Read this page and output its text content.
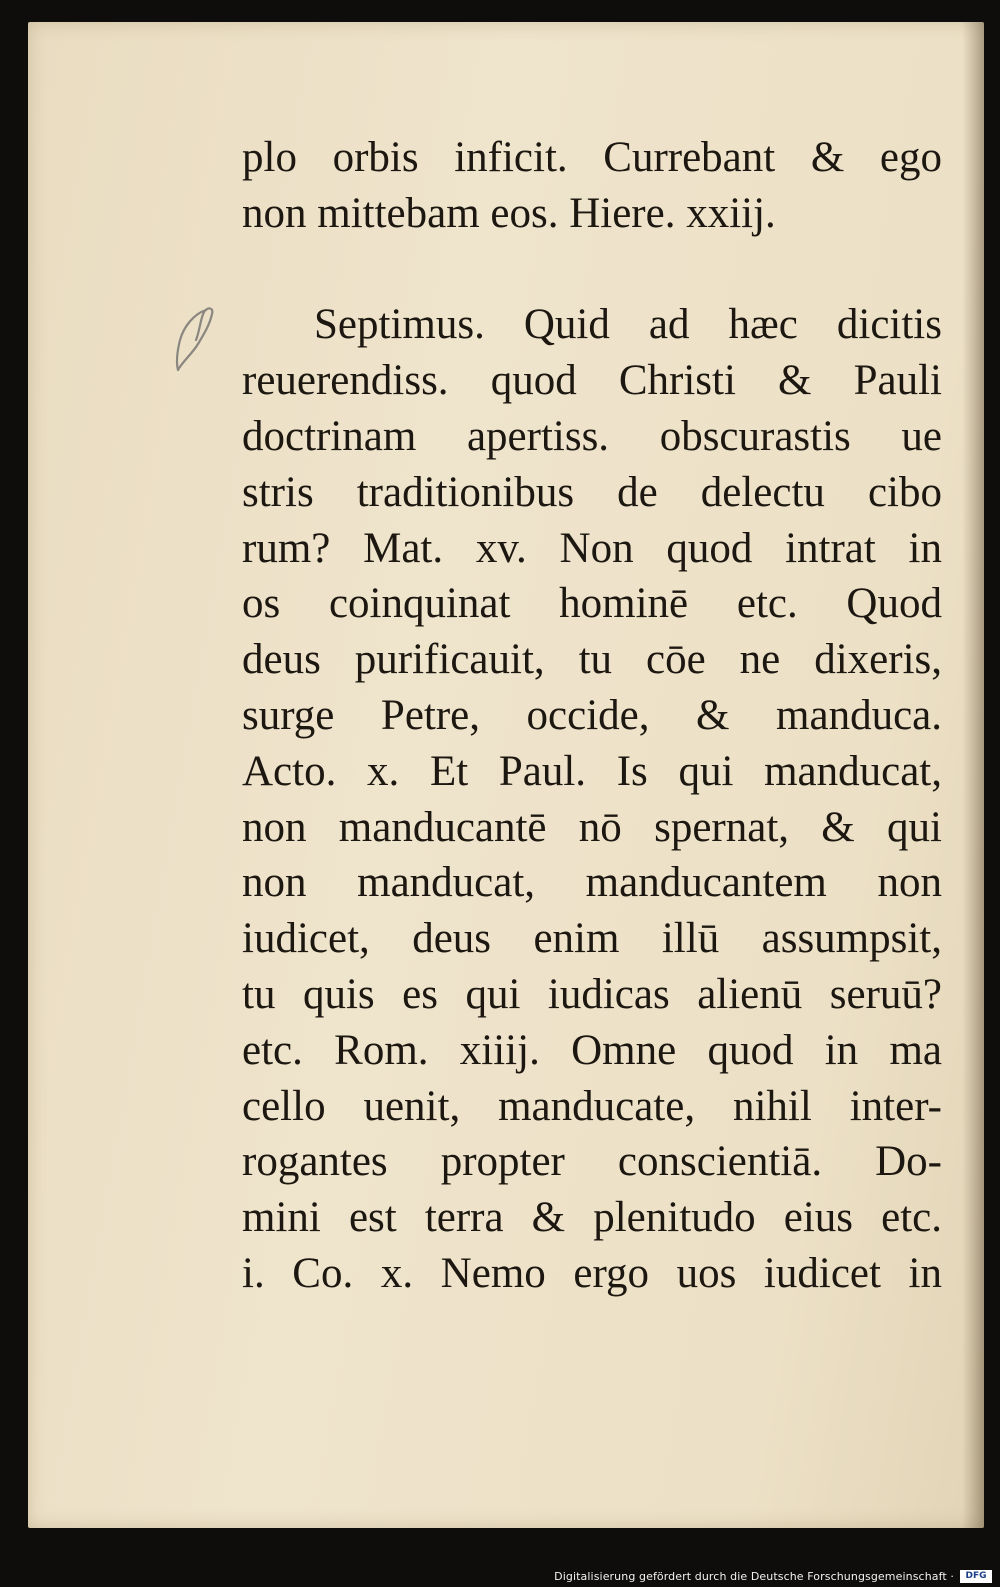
plo orbis inficit. Currebant & ego
non mittebam eos. Hiere. xxiij.
Septimus. Quid ad hæc dicitis
reuerendiss. quod Christi & Pauli
doctrinam apertiss. obscurastis ue
stris traditionibus de delectu cibo
rum? Mat. xv. Non quod intrat in
os coinquinat hominē etc. Quod
deus purificauit, tu cōe ne dixeris,
surge Petre, occide, & manduca.
Acto. x. Et Paul. Is qui manducat,
non manducantē nō spernat, & qui
non manducat, manducantem non
iudicet, deus enim illū assumpsit,
tu quis es qui iudicas alienū seruū?
etc. Rom. xiiij. Omne quod in ma
cello uenit, manducate, nihil inter-
rogantes propter conscientiā. Do-
mini est terra & plenitudo eius etc.
i. Co. x. Nemo ergo uos iudicet in
Digitalisierung gefördert durch die Deutsche Forschungsgemeinschaft ·	DFG
